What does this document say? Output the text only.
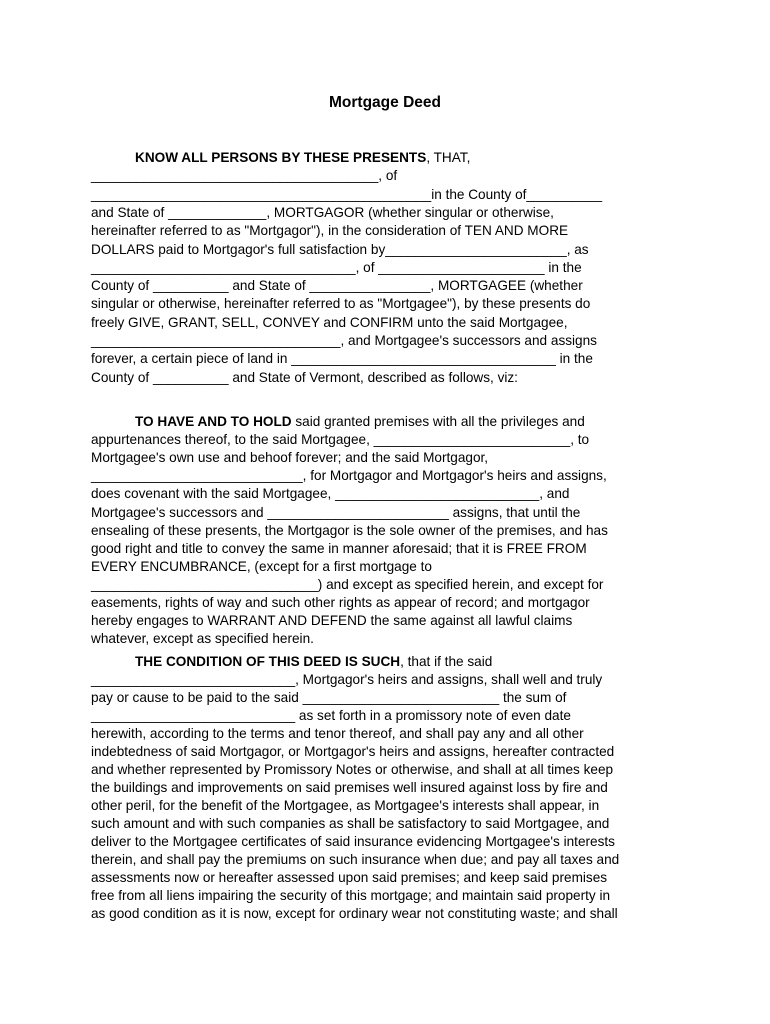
Mortgage Deed
KNOW ALL PERSONS BY THESE PRESENTS, THAT,
______________________________________, of
_____________________________________________in the County of__________
and State of _____________, MORTGAGOR (whether singular or otherwise,
hereinafter referred to as "Mortgagor"), in the consideration of TEN AND MORE
DOLLARS paid to Mortgagor's full satisfaction by________________________, as
___________________________________, of ______________________ in the
County of __________ and State of ________________, MORTGAGEE (whether
singular or otherwise, hereinafter referred to as "Mortgagee"), by these presents do
freely GIVE, GRANT, SELL, CONVEY and CONFIRM unto the said Mortgagee,
_________________________________, and Mortgagee's successors and assigns
forever, a certain piece of land in ___________________________________ in the
County of __________ and State of Vermont, described as follows, viz:
TO HAVE AND TO HOLD said granted premises with all the privileges and
appurtenances thereof, to the said Mortgagee, __________________________, to
Mortgagee's own use and behoof forever; and the said Mortgagor,
____________________________, for Mortgagor and Mortgagor's heirs and assigns,
does covenant with the said Mortgagee, ___________________________, and
Mortgagee's successors and ________________________ assigns, that until the
ensealing of these presents, the Mortgagor is the sole owner of the premises, and has
good right and title to convey the same in manner aforesaid; that it is FREE FROM
EVERY ENCUMBRANCE, (except for a first mortgage to
______________________________) and except as specified herein, and except for
easements, rights of way and such other rights as appear of record; and mortgagor
hereby engages to WARRANT AND DEFEND the same against all lawful claims
whatever, except as specified herein.
THE CONDITION OF THIS DEED IS SUCH, that if the said
___________________________, Mortgagor's heirs and assigns, shall well and truly
pay or cause to be paid to the said __________________________ the sum of
___________________________ as set forth in a promissory note of even date
herewith, according to the terms and tenor thereof, and shall pay any and all other
indebtedness of said Mortgagor, or Mortgagor's heirs and assigns, hereafter contracted
and whether represented by Promissory Notes or otherwise, and shall at all times keep
the buildings and improvements on said premises well insured against loss by fire and
other peril, for the benefit of the Mortgagee, as Mortgagee's interests shall appear, in
such amount and with such companies as shall be satisfactory to said Mortgagee, and
deliver to the Mortgagee certificates of said insurance evidencing Mortgagee's interests
therein, and shall pay the premiums on such insurance when due; and pay all taxes and
assessments now or hereafter assessed upon said premises; and keep said premises
free from all liens impairing the security of this mortgage; and maintain said property in
as good condition as it is now, except for ordinary wear not constituting waste; and shall
